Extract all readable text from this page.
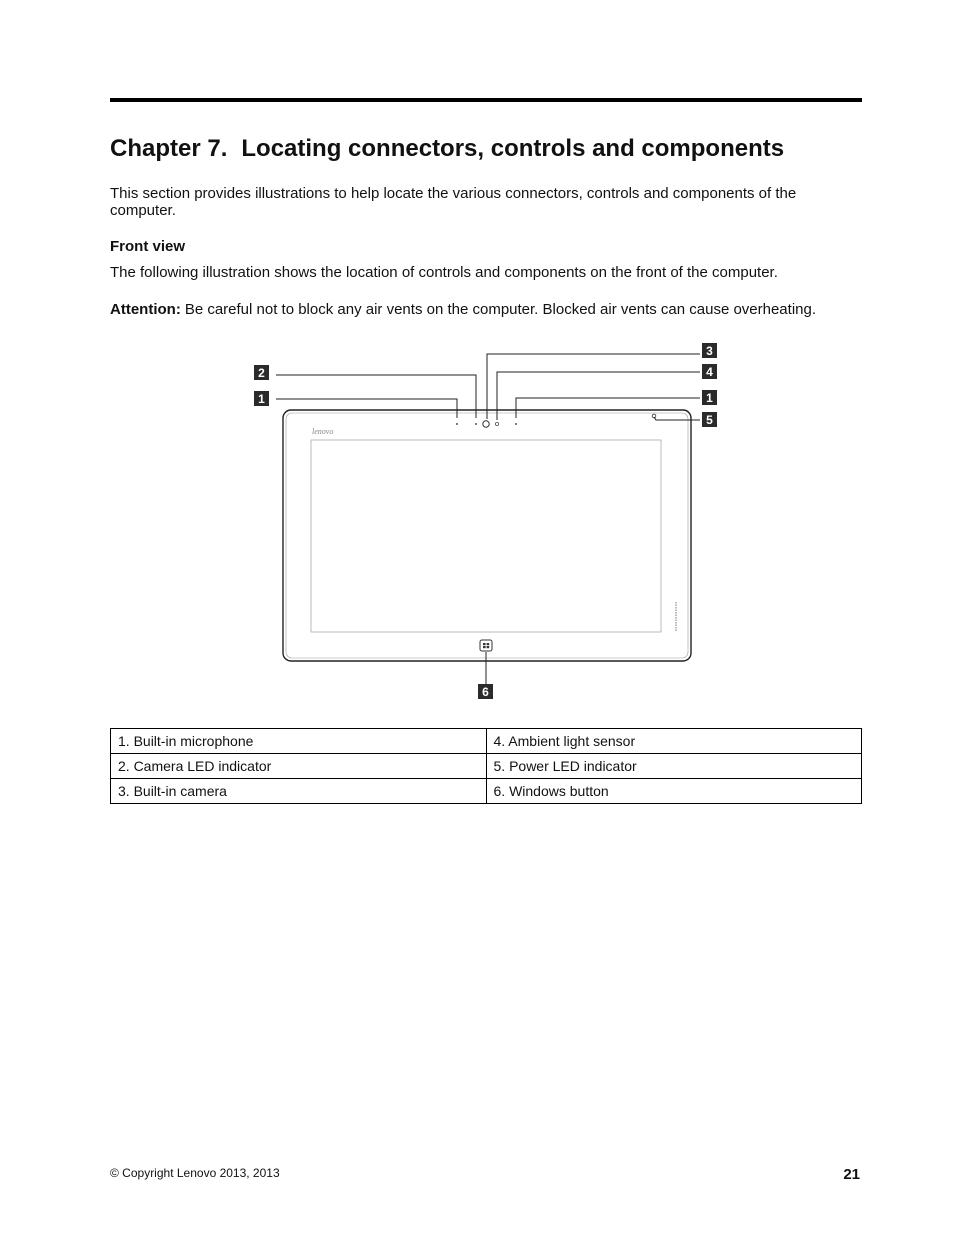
Chapter 7. Locating connectors, controls and components

This section provides illustrations to help locate the various connectors, controls and components of the computer.

Front view

The following illustration shows the location of controls and components on the front of the computer.

Attention: Be careful not to block any air vents on the computer. Blocked air vents can cause overheating.

lenovo
2
1
3
4
1
5
6
1. Built-in microphone	4. Ambient light sensor
2. Camera LED indicator	5. Power LED indicator
3. Built-in camera	6. Windows button
© Copyright Lenovo 2013, 2013	21
